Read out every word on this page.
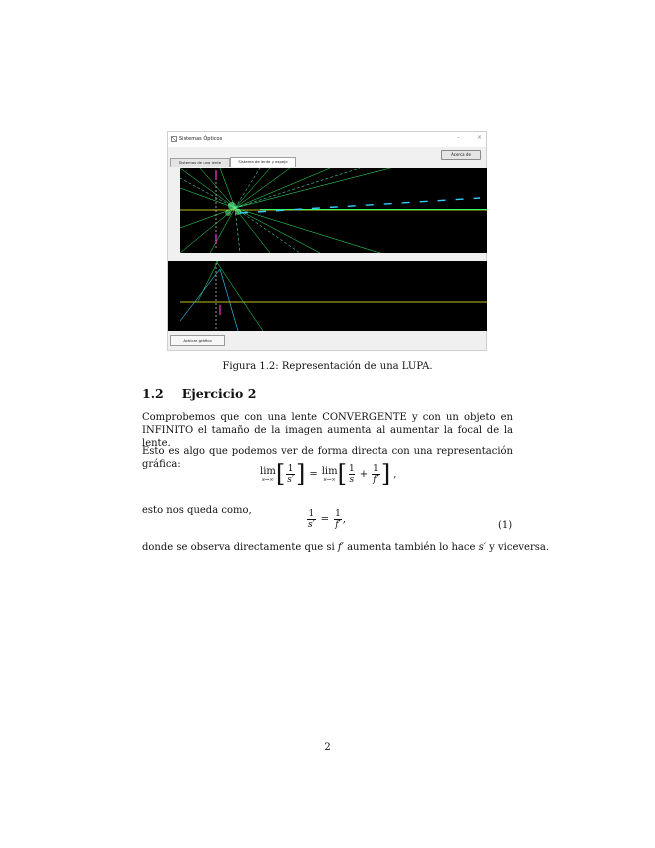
Sistemas Ópticos	–	×
Acerca de
Sistemas de una lente	Sistema de lente y espejo
Achicar gráfico
Figura 1.2: Representación de una LUPA.
1.2 Ejercicio 2
Comprobemos que con una lente CONVERGENTE y con un objeto en INFINITO el tamaño de la imagen aumenta al aumentar la focal de la lente.
Esto es algo que podemos ver de forma directa con una representación gráfica:
lim
s→∞ [ $\frac{1}{s'}$ ] = lim
s→∞ [ $\frac{1}{s} + \frac{1}{f'}$ ] ,
esto nos queda como,	$\frac{1}{s'} = \frac{1}{f'}$ ,
(1)
donde se observa directamente que si f′ aumenta también lo hace s′ y viceversa.
2
